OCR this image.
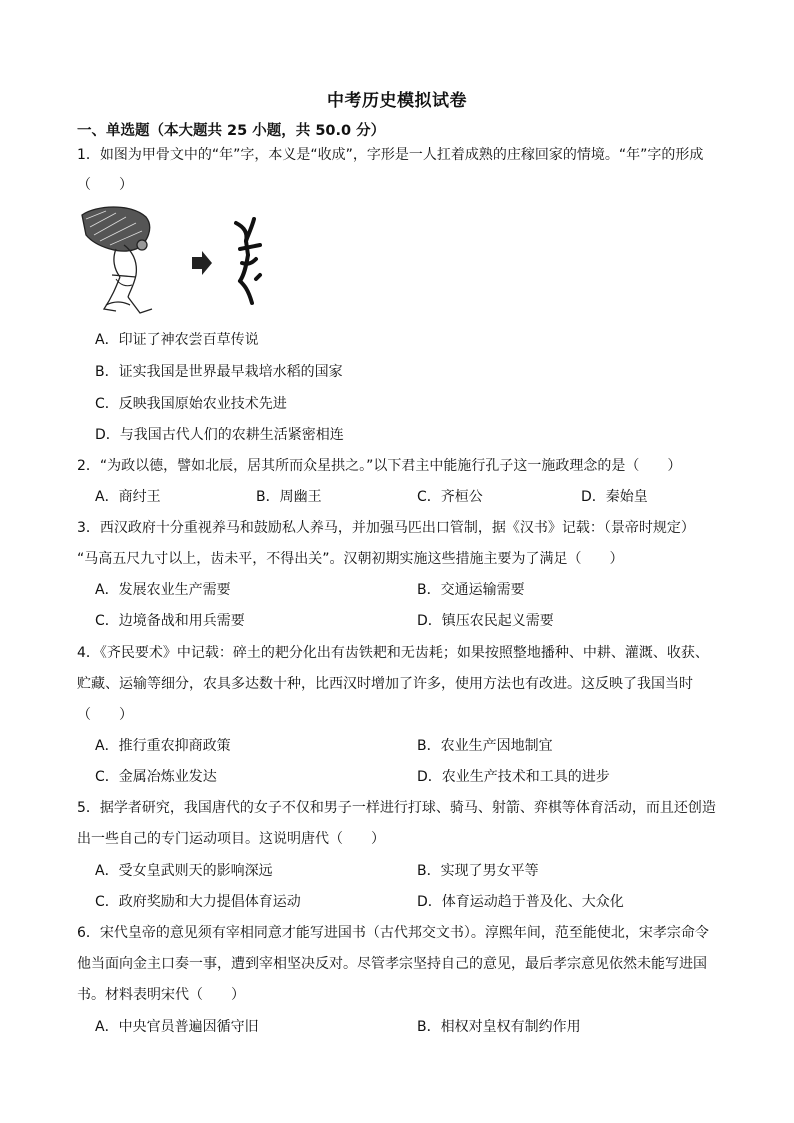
中考历史模拟试卷
一、单选题（本大题共 25 小题，共 50.0 分）
1．如图为甲骨文中的“年”字，本义是“收成”，字形是一人扛着成熟的庄稼回家的情境。“年”字的形成
（　　）
A．印证了神农尝百草传说
B．证实我国是世界最早栽培水稻的国家
C．反映我国原始农业技术先进
D．与我国古代人们的农耕生活紧密相连
2．“为政以德，譬如北辰，居其所而众星拱之。”以下君主中能施行孔子这一施政理念的是（　　）
A．商纣王	B．周幽王	C．齐桓公	D．秦始皇
3．西汉政府十分重视养马和鼓励私人养马，并加强马匹出口管制，据《汉书》记载：（景帝时规定）
“马高五尺九寸以上，齿未平，不得出关”。汉朝初期实施这些措施主要为了满足（　　）
A．发展农业生产需要	B．交通运输需要
C．边境备战和用兵需要	D．镇压农民起义需要
4．《齐民要术》中记载：碎土的耙分化出有齿铁耙和无齿耗；如果按照整地播种、中耕、灌溉、收获、
贮藏、运输等细分，农具多达数十种，比西汉时增加了许多，使用方法也有改进。这反映了我国当时
（　　）
A．推行重农抑商政策	B．农业生产因地制宜
C．金属冶炼业发达	D．农业生产技术和工具的进步
5．据学者研究，我国唐代的女子不仅和男子一样进行打球、骑马、射箭、弈棋等体育活动，而且还创造
出一些自己的专门运动项目。这说明唐代（　　）
A．受女皇武则天的影响深远	B．实现了男女平等
C．政府奖励和大力提倡体育运动	D．体育运动趋于普及化、大众化
6．宋代皇帝的意见须有宰相同意才能写进国书（古代邦交文书）。淳熙年间，范至能使北，宋孝宗命令
他当面向金主口奏一事，遭到宰相坚决反对。尽管孝宗坚持自己的意见，最后孝宗意见依然未能写进国
书。材料表明宋代（　　）
A．中央官员普遍因循守旧	B．相权对皇权有制约作用
